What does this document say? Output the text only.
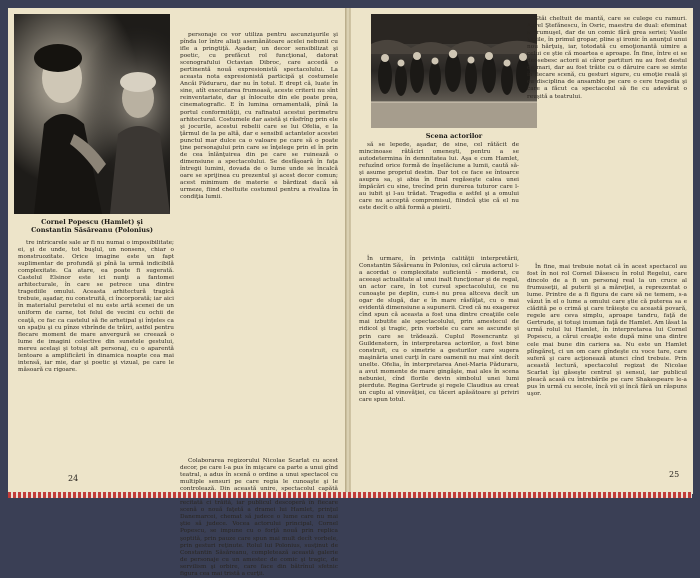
Cornel Popescu (Hamlet) şi
Constantin Săsăreanu (Polonius)

personaje ce vor utiliza pentru ascunzişurile şi pînda lor între aliaţi asemănătoare acelei nebunii cu ifle a pringtiţă. Aşadar, un decor sensibilizat şi poetic, cu prefăcut rol funcţional, datorat scenografului Octavian Dibroc, care accedă o pertinentă nouă expresionistă spectacolului. La aceasta nota expresionistă participă şi costumele Ancăi Păduraru, dar nu în totul. E drept că, luate în sine, atît executarea frumoasă, aceste criterii nu sînt reinventariate, dar şi înlocuite din ele poate prea, cinematografic. E în lumina ornamentală, pînă la portul conformităţii, cu rafinatul acestui perimetru arhitectural. Costumele dar asistă şi răsfrîng prin ele şi jocurile, acestui rebelii care se lui Ofelia, e la ţărmul de la pe altă, dar e sensibil actantelor acestei punctul mar dulce ca o valoare pe care să o poate ţine personajului prin care se înţelege prin el în prin de cea înlănţuirea din pe care se ruinează o dimensiune a spectacolului. Se desfăşoară în faţa întregii lumini, dovada de o lume unde se încalcă oare se sprijinea cu prezentul şi acest decor comun; acest minimum de materie e bărdizat dacă să urmeze, fiind cheltuite costumul pentru a rivaliza în condiţia lumii.

tre intricarele sale ar fi nu numai o imposibilitate; ei, şi de unde, tot buşlul, un nonsens, chiar o monstruozitate. Orice imagine este un fapt suplimentar de profundă şi pînă la urmă indicibilă complexitate. Ca atare, ea poate fi sugerată. Castelul Elsinor este ici nunţi a fantomei arhitecturale, în care se petrece una dintre tragediile omului. Aceasta arhitectură tragică trebuie, aşadar, nu construită, ci încorporată; iar aici în materialul peretelui el nu este artă scenei de un uniform de carne, tot felul de vecini cu ochii de ceaţă, ce fac ca castelul să fie arhetipal şi înţeles ca un spaţiu şi cu pînze vibrînde de trăiri, astfel pentru fiecare moment de mare anvergură se creează o lume de imagini colective din sunetele gestului, mereu acelaşi şi totuşi alt personaj, cu o aparentă lentoare a amplificării în dinamica noapte cea mai intensă, iar mie, dar şi poetic şi vizual, pe care le măsoară cu rigoare.

Colaborarea regizorului Nicolae Scarlat cu acest decor, pe care l-a pus în mişcare ca parte a unui gînd teatral, a adus în scenă o ordine a unui spectacol cu multiple sensuri pe care regia le cunoaşte şi le controlează. Din această unire, spectacolul capătă recitată ci trăită, iar publicul descoperă în fiecare scenă o nouă faţetă a dramei lui Hamlet, prinţul Danemarcei, chemat să judece o lume care nu mai ştie să judece. Vocea actorului principal, Cornel Popescu, se impune cu o forţă nouă prin replica şoptită, prin pauze care spun mai mult decît vorbele, prin gesturi reţinute. Rolul lui Polonius, susţinut de Constantin Săsăreanu, completează această galerie de personaje cu un amestec de comic şi tragic, de servilism şi orbire, care face din bătrînul sfetnic figura cea mai tristă a curţii.

24
Scena actorilor

să se lepede, aşadar, de sine, cel rătăcit de mincinoase rătăciri omeneşti, pentru a se autodetermina în demnitatea lui. Aşa e cum Hamlet, refuzînd orice formă de înşelăciune a lumii, caută să-şi asume propriul destin. Dar tot ce face se întoarce asupra sa, şi abia în final regăseşte calea unei împăcări cu sine, trecînd prin durerea tuturor care l-au iubit şi l-au trădat. Tragedia e astfel şi a omului care nu acceptă compromisul, fiindcă ştie că el nu este decît o altă formă a pieirii.

Stăi cheltuit de mantă, care se culege cu ramuri. Aurel Ştefănescu, în Osric, maestru de dual: efeminat şi frumuşel, dar de un comic fără grea seriei; Vasile Vasile, în primul gropar, pline şi ironic în anunţul unui nou hărţuiş, iar, totodată cu emoţionantă uimire a celui ce ştie că moartea e aproape. În fine, între ei se deosebesc actorii ai căror partituri nu au fost destul de mari, dar au fost trăite cu o dăruire care se simte în fiecare scenă, cu gesturi sigure, cu emoţie reală şi cu disciplina de ansamblu pe care o cere tragedia şi care a făcut ca spectacolul să fie cu adevărat o reuşită a teatrului.

În urmare, în privinţa calităţii interpretării, Constantin Săsăreanu în Polonius, cel căruia actorul i-a acordat o complexitate suficientă - moderat, cu aceeaşi actualitate al unui inalt funcţionar şi de regal, un actor care, în tot cursul spectacolului, ce nu cunoaşte pe deplin, cum-i nu prea altceva decît un ogar de slugă, dar e în mare răsfăţat, cu o mai evidentă dimensiune a supunerii. Cred că nu exagerez cînd spun că aceasta a fost una dintre creaţiile cele mai izbutite ale spectacolului, prin amestecul de ridicol şi tragic, prin vorbele cu care se ascunde şi prin care se trădează. Cuplul Rosencrantz şi Guildenstern, în interpretarea actorilor, a fost bine construit, cu o simetrie a gesturilor care sugera maşinăria unei curţi în care oamenii nu mai sînt decît unelte. Ofelia, în interpretarea Anei-Maria Păduraru, a avut momente de mare gingăşie, mai ales în scena nebuniei, cînd florile devin simbolul unei lumi pierdute. Regina Gertrude şi regele Claudius au creat un cuplu al vinovăţiei, cu tăceri apăsătoare şi priviri care spun totul.

În fine, mai trebuie notat că în acest spectacol au fost în noi rol Cornel Dăsescu în rolul Regelui, care dincolo de a fi un personaj real la un cruce al frumuseţii, al puterii şi a măreţiei, a reprezentat o lume. Printre de a fi figura de care să ne temem, s-a văzut în el o lume a omului care ştie că puterea sa e clădită pe o crimă şi care trăieşte cu această povară, regele are ceva simplu, aproape tandru, faţă de Gertrude, şi totuşi inuman faţă de Hamlet. Am lăsat la urmă rolul lui Hamlet, în interpretarea lui Cornel Popescu, a cărui creaţie este după mine una dintre cele mai bune din cariera sa. Nu este un Hamlet plîngăreţ, ci un om care gîndeşte cu voce tare, care suferă şi care acţionează atunci cînd trebuie. Prin această lectură, spectacolul regizat de Nicolae Scarlat îşi găseşte centrul şi sensul, iar publicul pleacă acasă cu întrebările pe care Shakespeare le-a pus în urmă cu secole, încă vii şi încă fără un răspuns uşor.

25
